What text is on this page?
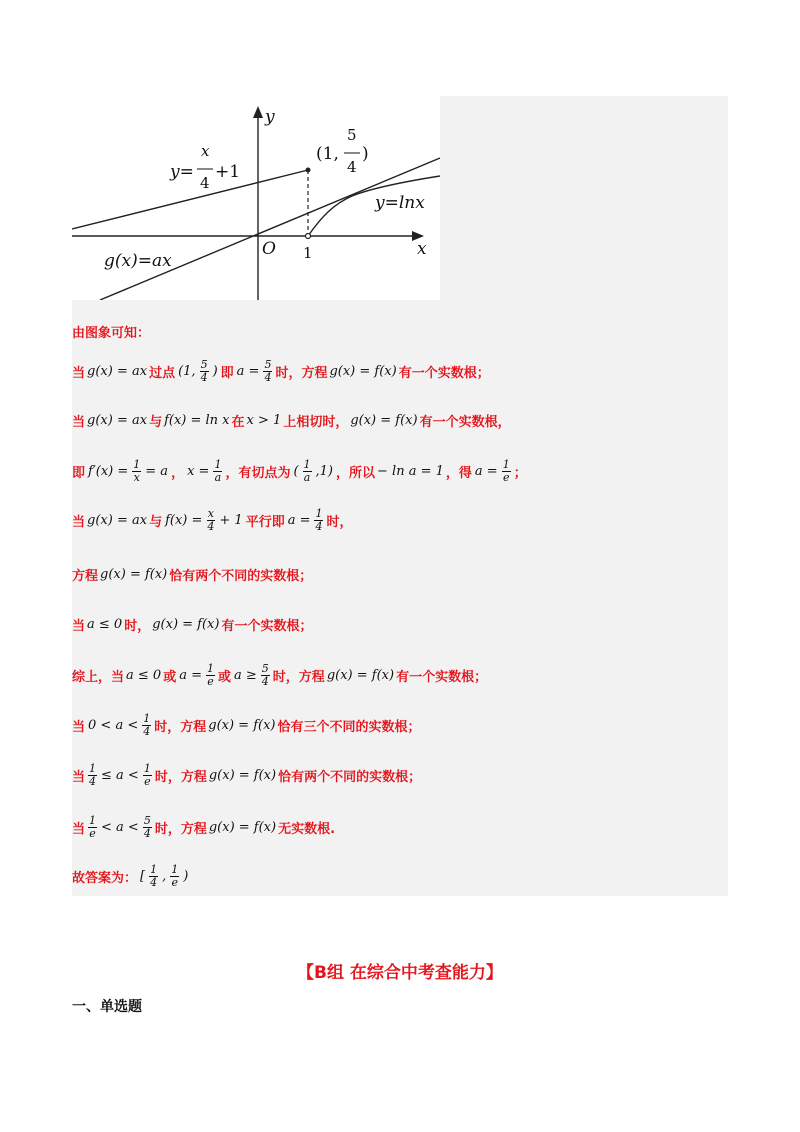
y=
x
4
+1
(1,
5
4
)
y=lnx
g(x)=ax
O 1	x
y
由图象可知：
当 g(x) = ax 过点 (1, $\frac{5}{4}$ ) 即 $a = \frac{5}{4}$ 时，方程 g(x) = f(x) 有一个实数根；
当 g(x) = ax 与 f(x) = ln x 在 x > 1 上相切时， g(x) = f(x) 有一个实数根，
即 $f'(x) = \frac{1}{x} = a$ ， $x = \frac{1}{a}$ ，有切点为 ( $\frac{1}{a} ,1$) ，所以 − ln a = 1 ，得 $a = \frac{1}{e}$ ；
当 g(x) = ax 与 $f(x) = \frac{x}{4} + 1$ 平行即 $a = \frac{1}{4}$ 时，
方程 g(x) = f(x) 恰有两个不同的实数根；
当 a ≤ 0 时， g(x) = f(x) 有一个实数根；
综上，当 a ≤ 0 或 $a = \frac{1}{e}$ 或 $a \ge \frac{5}{4}$ 时，方程 g(x) = f(x) 有一个实数根；
当 $0 < a < \frac{1}{4}$ 时，方程 g(x) = f(x) 恰有三个不同的实数根；
当 $\frac{1}{4} \le a < \frac{1}{e}$ 时，方程 g(x) = f(x) 恰有两个不同的实数根；
当 $\frac{1}{e} < a < \frac{5}{4}$ 时，方程 g(x) = f(x) 无实数根.
故答案为： [ $\frac{1}{4}$ , $\frac{1}{e}$ )
【B组 在综合中考查能力】
一、单选题
